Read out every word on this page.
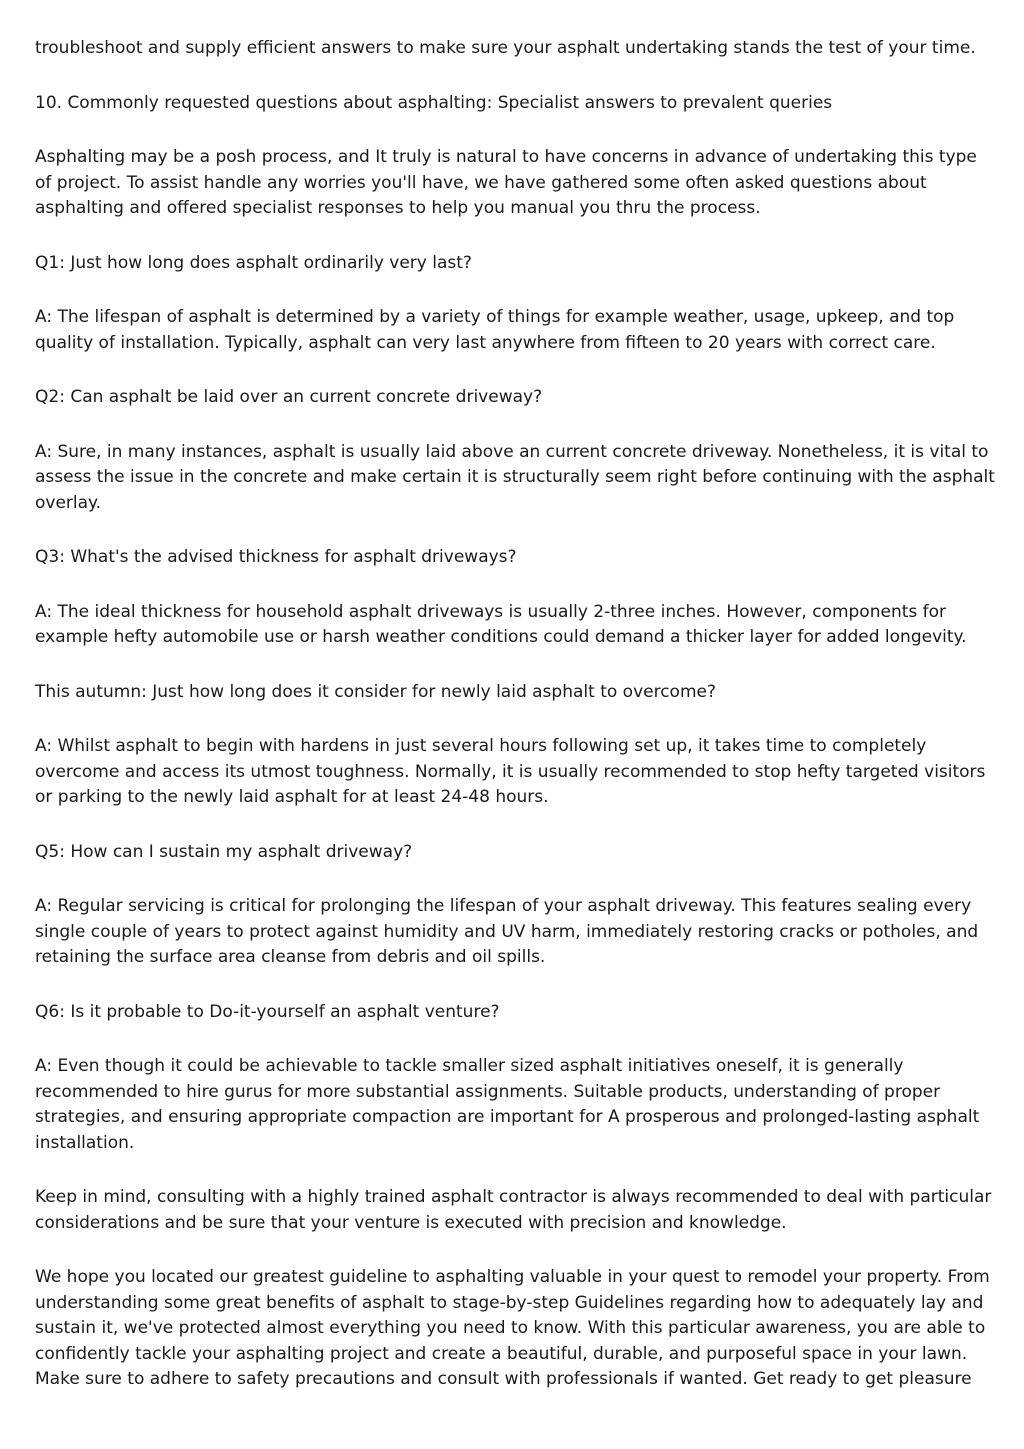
troubleshoot and supply efficient answers to make sure your asphalt undertaking stands the test of your time.

10. Commonly requested questions about asphalting: Specialist answers to prevalent queries

Asphalting may be a posh process, and It truly is natural to have concerns in advance of undertaking this type of project. To assist handle any worries you'll have, we have gathered some often asked questions about asphalting and offered specialist responses to help you manual you thru the process.

Q1: Just how long does asphalt ordinarily very last?

A: The lifespan of asphalt is determined by a variety of things for example weather, usage, upkeep, and top quality of installation. Typically, asphalt can very last anywhere from fifteen to 20 years with correct care.

Q2: Can asphalt be laid over an current concrete driveway?

A: Sure, in many instances, asphalt is usually laid above an current concrete driveway. Nonetheless, it is vital to assess the issue in the concrete and make certain it is structurally seem right before continuing with the asphalt overlay.

Q3: What's the advised thickness for asphalt driveways?

A: The ideal thickness for household asphalt driveways is usually 2-three inches. However, components for example hefty automobile use or harsh weather conditions could demand a thicker layer for added longevity.

This autumn: Just how long does it consider for newly laid asphalt to overcome?

A: Whilst asphalt to begin with hardens in just several hours following set up, it takes time to completely overcome and access its utmost toughness. Normally, it is usually recommended to stop hefty targeted visitors or parking to the newly laid asphalt for at least 24-48 hours.

Q5: How can I sustain my asphalt driveway?

A: Regular servicing is critical for prolonging the lifespan of your asphalt driveway. This features sealing every single couple of years to protect against humidity and UV harm, immediately restoring cracks or potholes, and retaining the surface area cleanse from debris and oil spills.

Q6: Is it probable to Do-it-yourself an asphalt venture?

A: Even though it could be achievable to tackle smaller sized asphalt initiatives oneself, it is generally recommended to hire gurus for more substantial assignments. Suitable products, understanding of proper strategies, and ensuring appropriate compaction are important for A prosperous and prolonged-lasting asphalt installation.

Keep in mind, consulting with a highly trained asphalt contractor is always recommended to deal with particular considerations and be sure that your venture is executed with precision and knowledge.

We hope you located our greatest guideline to asphalting valuable in your quest to remodel your property. From understanding some great benefits of asphalt to stage-by-step Guidelines regarding how to adequately lay and sustain it, we've protected almost everything you need to know. With this particular awareness, you are able to confidently tackle your asphalting project and create a beautiful, durable, and purposeful space in your lawn. Make sure to adhere to safety precautions and consult with professionals if wanted. Get ready to get pleasure
